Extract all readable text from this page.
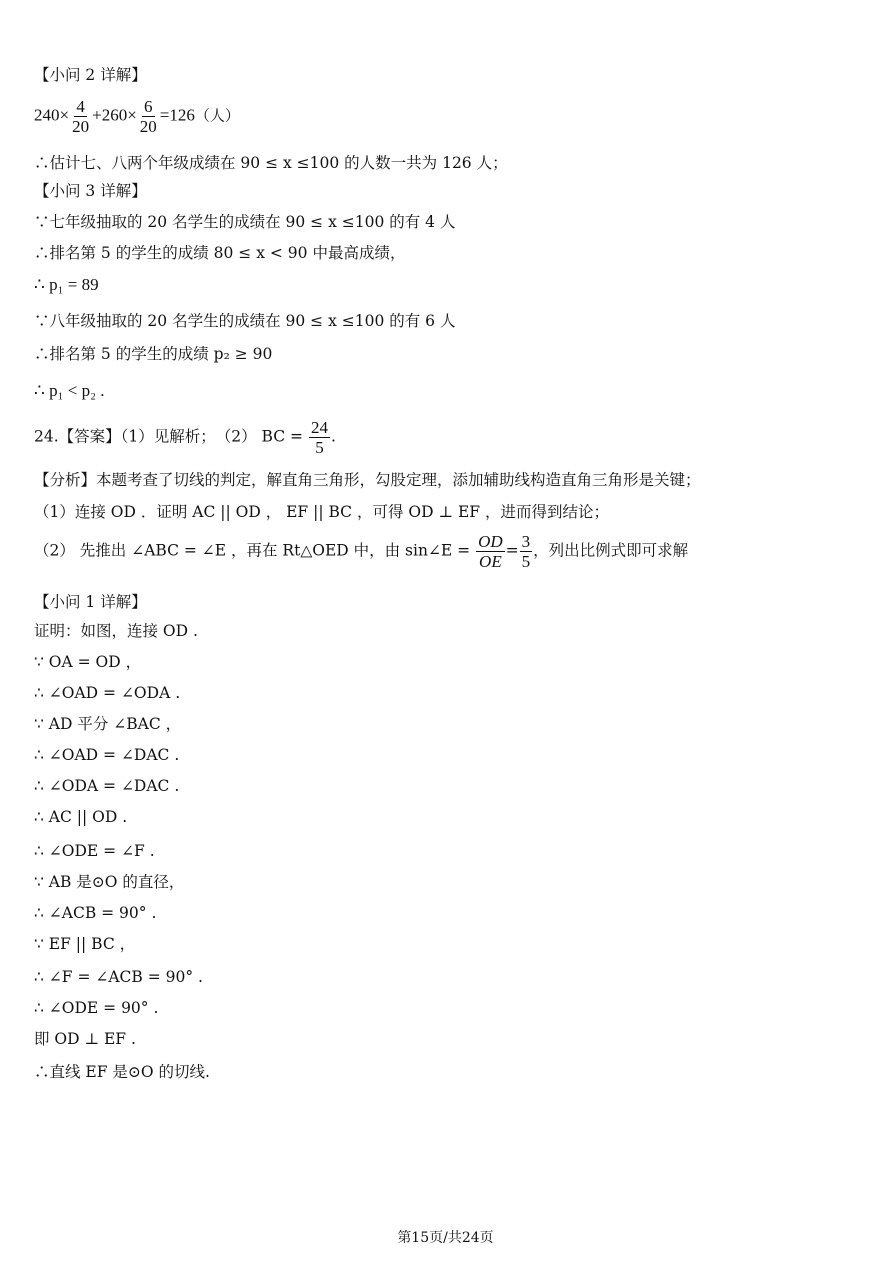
【小问 2 详解】
$240\times \frac{4}{20} +260\times \frac{6}{20} =126$（人）
∴估计七、八两个年级成绩在 90 ≤ x ≤100 的人数一共为 126 人；
【小问 3 详解】
∵七年级抽取的 20 名学生的成绩在 90 ≤ x ≤100 的有 4 人
∴排名第 5 的学生的成绩 80 ≤ x < 90 中最高成绩，
∴ p₁ = 89
∵八年级抽取的 20 名学生的成绩在 90 ≤ x ≤100 的有 6 人
∴排名第 5 的学生的成绩 p₂ ≥ 90
∴ p₁ < p₂ .
24.【答案】（1）见解析；　（2） BC = $\frac{24}{5}$ .
【分析】本题考查了切线的判定，解直角三角形，勾股定理，添加辅助线构造直角三角形是关键；
（1）连接 OD ．证明 AC || OD ， EF || BC ，可得 OD ⊥ EF ，进而得到结论；
（2） 先推出 ∠ABC = ∠E ，再在 Rt△OED 中，由 sin∠E = $\frac{OD}{OE} = \frac{3}{5}$ ，列出比例式即可求解
【小问 1 详解】
证明：如图，连接 OD .
∵ OA = OD ，
∴ ∠OAD = ∠ODA .
∵ AD 平分 ∠BAC ，
∴ ∠OAD = ∠DAC .
∴ ∠ODA = ∠DAC .
∴ AC || OD .
∴ ∠ODE = ∠F .
∵ AB 是⊙O 的直径，
∴ ∠ACB = 90° .
∵ EF || BC ，
∴ ∠F = ∠ACB = 90° .
∴ ∠ODE = 90° .
即 OD ⊥ EF .
∴直线 EF 是⊙O 的切线.
第15页/共24页
